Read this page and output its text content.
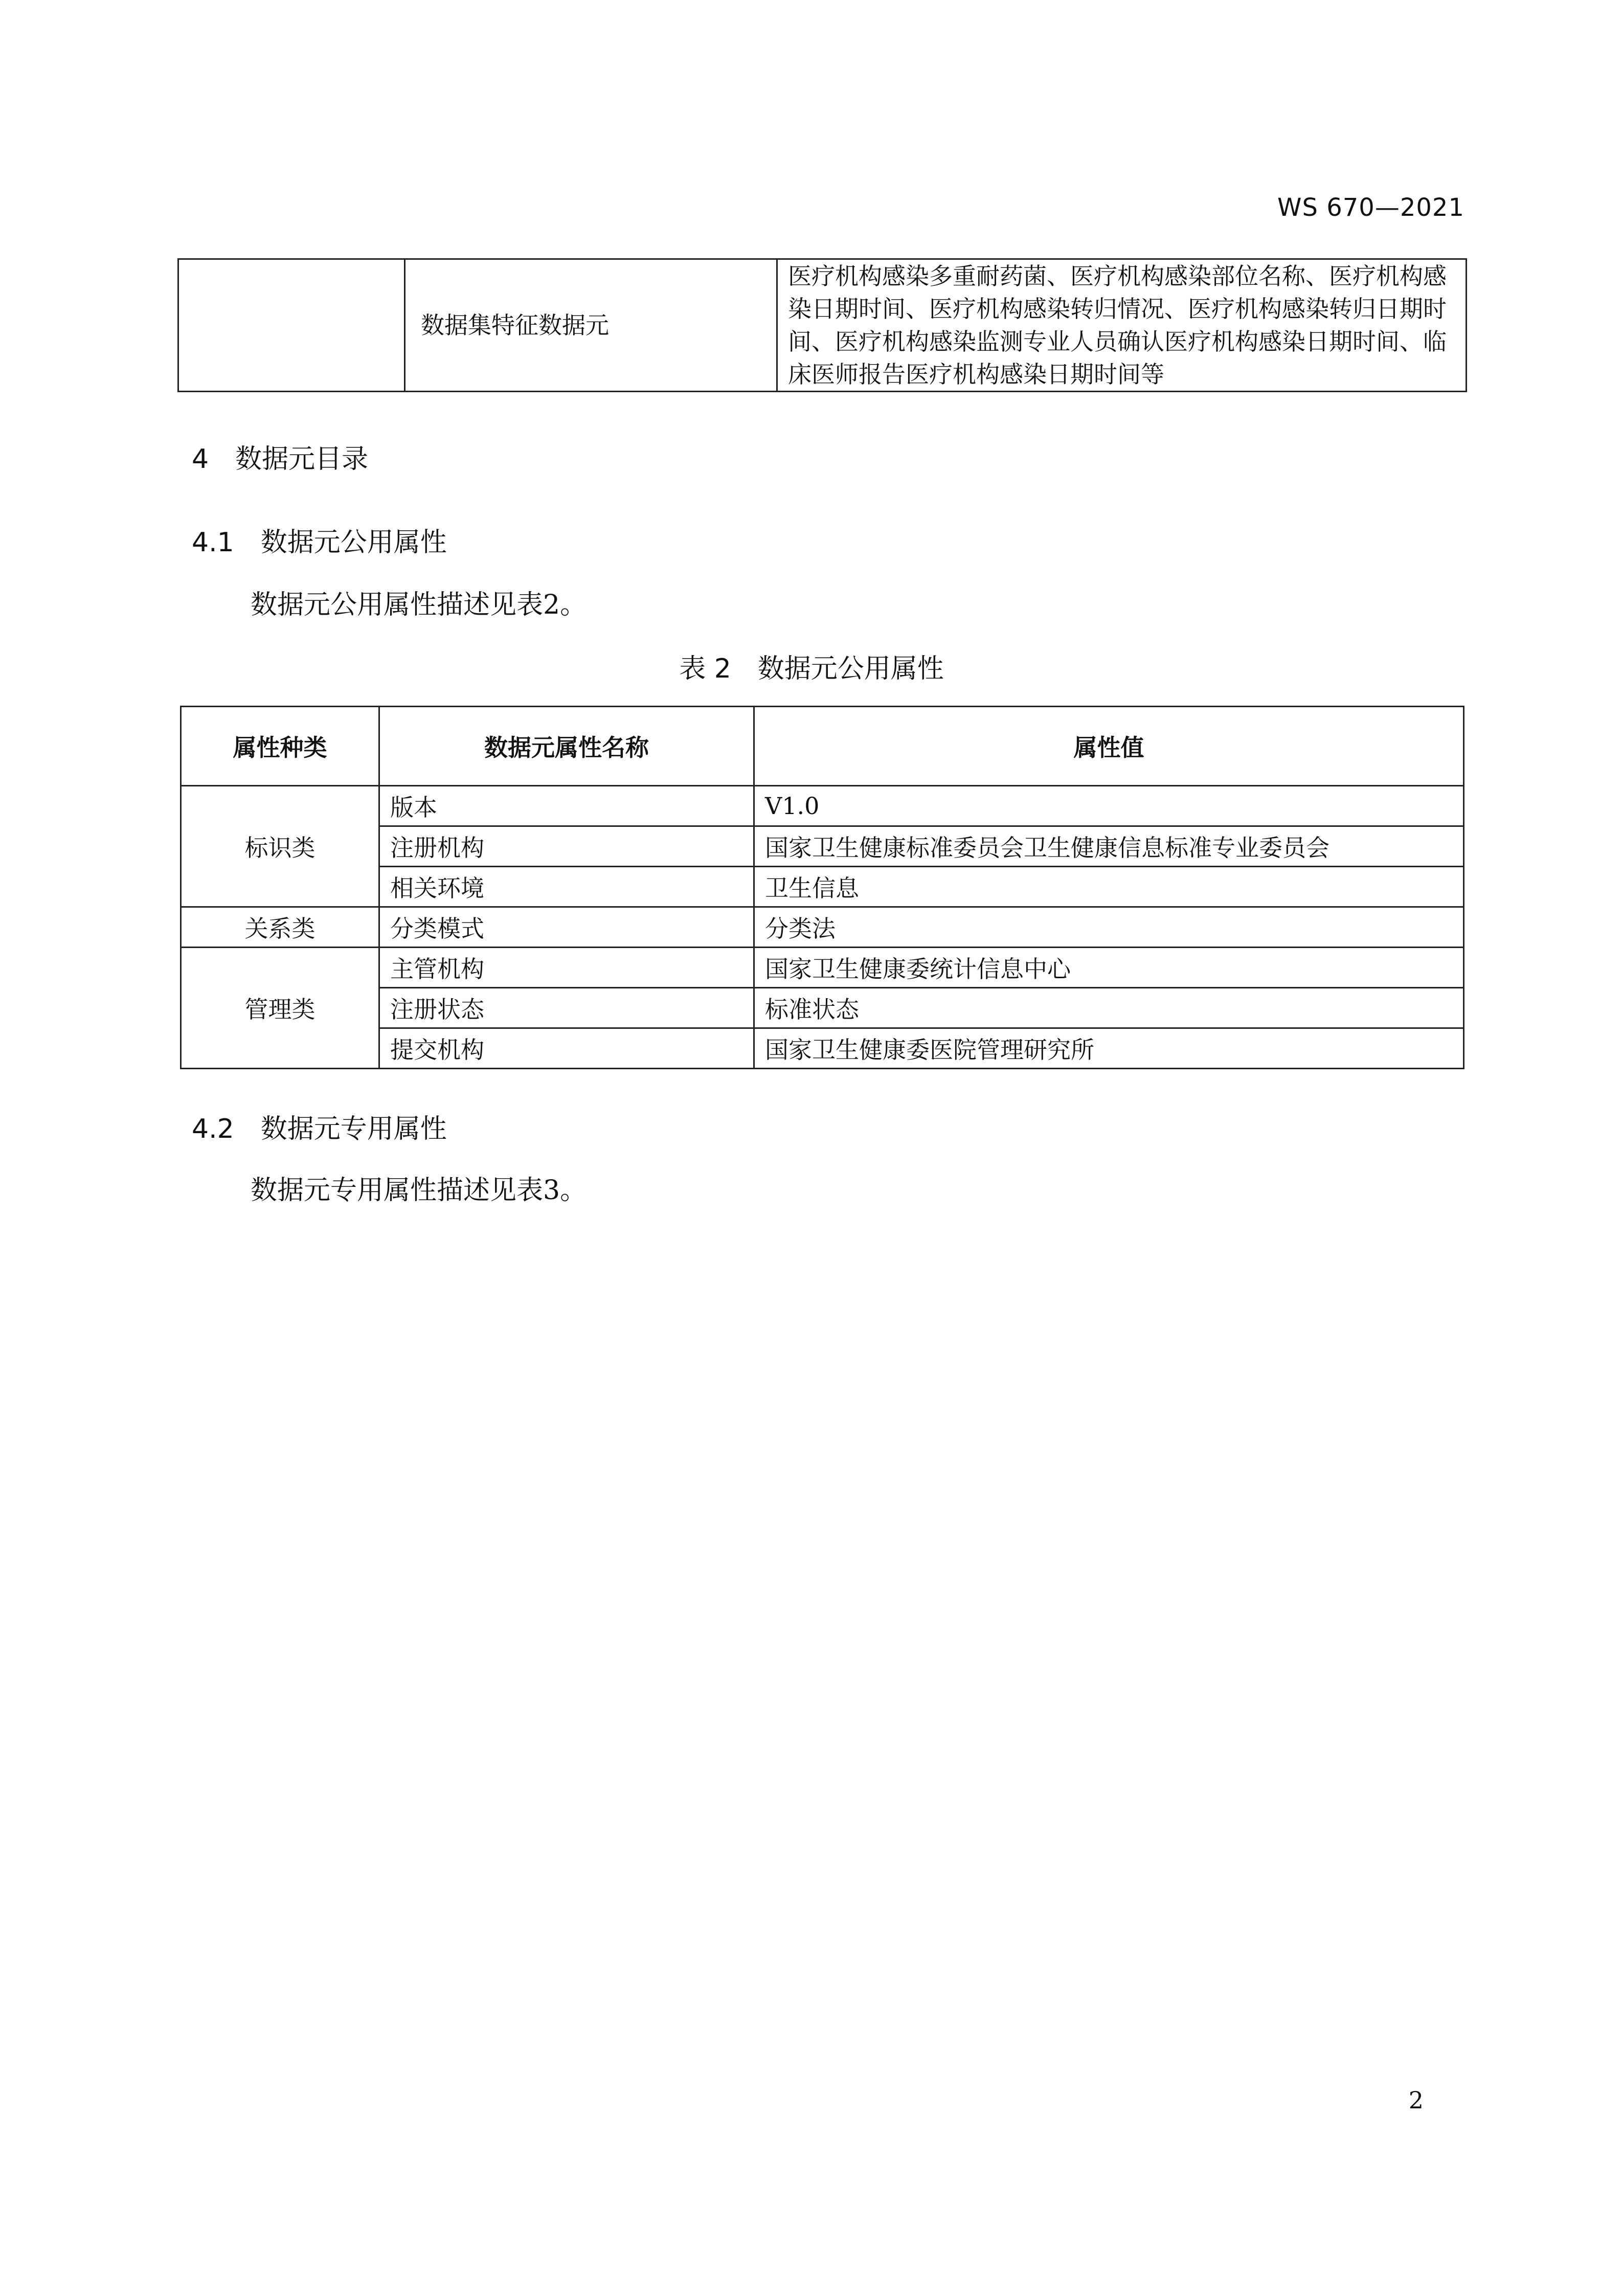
WS 670—2021
	数据集特征数据元	医疗机构感染多重耐药菌、医疗机构感染部位名称、医疗机构感染日期时间、医疗机构感染转归情况、医疗机构感染转归日期时间、医疗机构感染监测专业人员确认医疗机构感染日期时间、临床医师报告医疗机构感染日期时间等
4 数据元目录
4.1 数据元公用属性
数据元公用属性描述见表2。
表 2　数据元公用属性
属性种类	数据元属性名称	属性值
标识类	版本	V1.0
	注册机构	国家卫生健康标准委员会卫生健康信息标准专业委员会
	相关环境	卫生信息
关系类	分类模式	分类法
管理类	主管机构	国家卫生健康委统计信息中心
	注册状态	标准状态
	提交机构	国家卫生健康委医院管理研究所
4.2 数据元专用属性
数据元专用属性描述见表3。
2
